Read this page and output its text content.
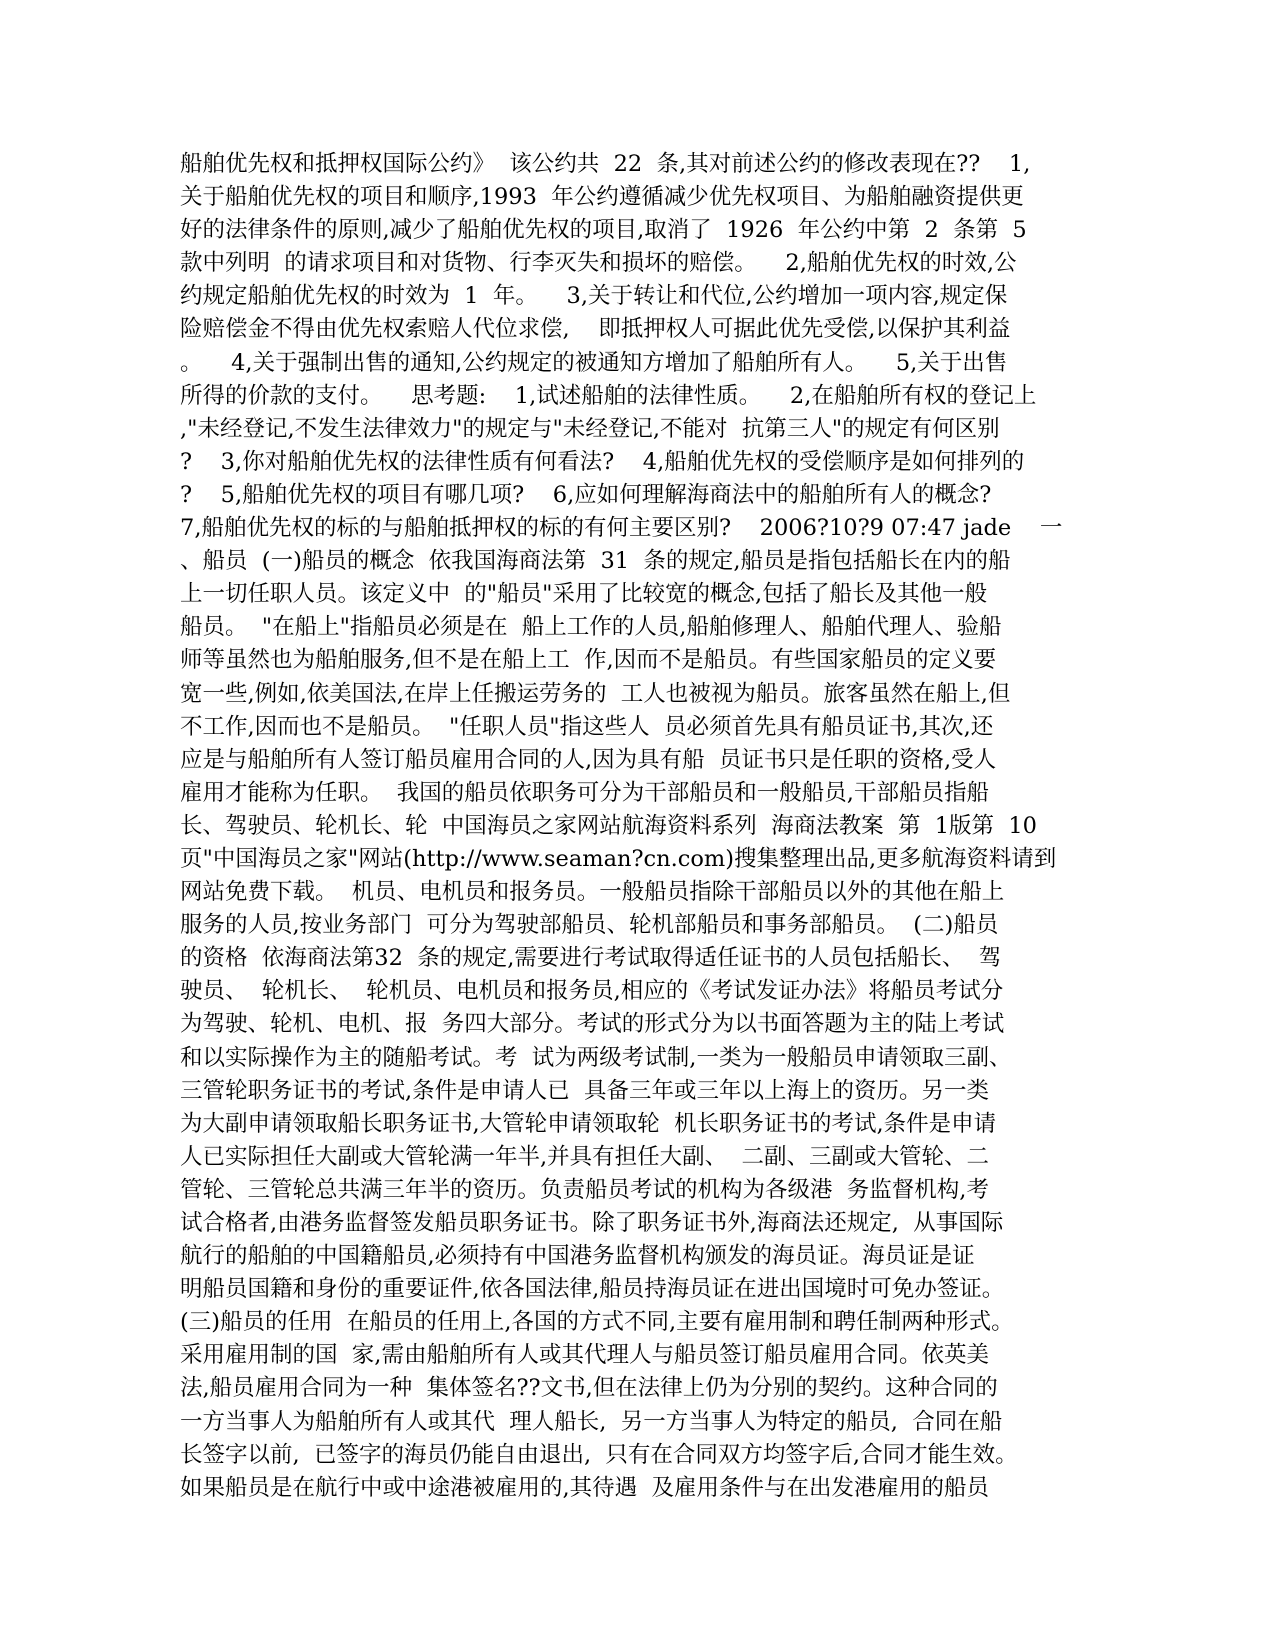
船舶优先权和抵押权国际公约》  该公约共  22  条,其对前述公约的修改表现在??    1,
关于船舶优先权的项目和顺序,1993  年公约遵循减少优先权项目、为船舶融资提供更
好的法律条件的原则,减少了船舶优先权的项目,取消了  1926  年公约中第  2  条第  5
款中列明  的请求项目和对货物、行李灭失和损坏的赔偿。    2,船舶优先权的时效,公
约规定船舶优先权的时效为  1  年。    3,关于转让和代位,公约增加一项内容,规定保
险赔偿金不得由优先权索赔人代位求偿,    即抵押权人可据此优先受偿,以保护其利益
。    4,关于强制出售的通知,公约规定的被通知方增加了船舶所有人。    5,关于出售
所得的价款的支付。    思考题:    1,试述船舶的法律性质。    2,在船舶所有权的登记上
,"未经登记,不发生法律效力"的规定与"未经登记,不能对  抗第三人"的规定有何区别
?    3,你对船舶优先权的法律性质有何看法?    4,船舶优先权的受偿顺序是如何排列的
?    5,船舶优先权的项目有哪几项?    6,应如何理解海商法中的船舶所有人的概念?
7,船舶优先权的标的与船舶抵押权的标的有何主要区别?    2006?10?9 07:47 jade    一
、船员  (一)船员的概念  依我国海商法第  31  条的规定,船员是指包括船长在内的船
上一切任职人员。该定义中  的"船员"采用了比较宽的概念,包括了船长及其他一般
船员。  "在船上"指船员必须是在  船上工作的人员,船舶修理人、船舶代理人、验船
师等虽然也为船舶服务,但不是在船上工  作,因而不是船员。有些国家船员的定义要
宽一些,例如,依美国法,在岸上任搬运劳务的  工人也被视为船员。旅客虽然在船上,但
不工作,因而也不是船员。  "任职人员"指这些人  员必须首先具有船员证书,其次,还
应是与船舶所有人签订船员雇用合同的人,因为具有船  员证书只是任职的资格,受人
雇用才能称为任职。  我国的船员依职务可分为干部船员和一般船员,干部船员指船
长、驾驶员、轮机长、轮  中国海员之家网站航海资料系列  海商法教案  第  1版第  10
页"中国海员之家"网站(http://www.seaman?cn.com)搜集整理出品,更多航海资料请到
网站免费下载。  机员、电机员和报务员。一般船员指除干部船员以外的其他在船上
服务的人员,按业务部门  可分为驾驶部船员、轮机部船员和事务部船员。  (二)船员
的资格  依海商法第32  条的规定,需要进行考试取得适任证书的人员包括船长、  驾
驶员、  轮机长、  轮机员、电机员和报务员,相应的《考试发证办法》将船员考试分
为驾驶、轮机、电机、报  务四大部分。考试的形式分为以书面答题为主的陆上考试
和以实际操作为主的随船考试。考  试为两级考试制,一类为一般船员申请领取三副、
三管轮职务证书的考试,条件是申请人已  具备三年或三年以上海上的资历。另一类
为大副申请领取船长职务证书,大管轮申请领取轮  机长职务证书的考试,条件是申请
人已实际担任大副或大管轮满一年半,并具有担任大副、  二副、三副或大管轮、二
管轮、三管轮总共满三年半的资历。负责船员考试的机构为各级港  务监督机构,考
试合格者,由港务监督签发船员职务证书。除了职务证书外,海商法还规定,  从事国际
航行的船舶的中国籍船员,必须持有中国港务监督机构颁发的海员证。海员证是证
明船员国籍和身份的重要证件,依各国法律,船员持海员证在进出国境时可免办签证。
(三)船员的任用  在船员的任用上,各国的方式不同,主要有雇用制和聘任制两种形式。
采用雇用制的国  家,需由船舶所有人或其代理人与船员签订船员雇用合同。依英美
法,船员雇用合同为一种  集体签名??文书,但在法律上仍为分别的契约。这种合同的
一方当事人为船舶所有人或其代  理人船长,  另一方当事人为特定的船员,  合同在船
长签字以前,  已签字的海员仍能自由退出,  只有在合同双方均签字后,合同才能生效。
如果船员是在航行中或中途港被雇用的,其待遇  及雇用条件与在出发港雇用的船员
